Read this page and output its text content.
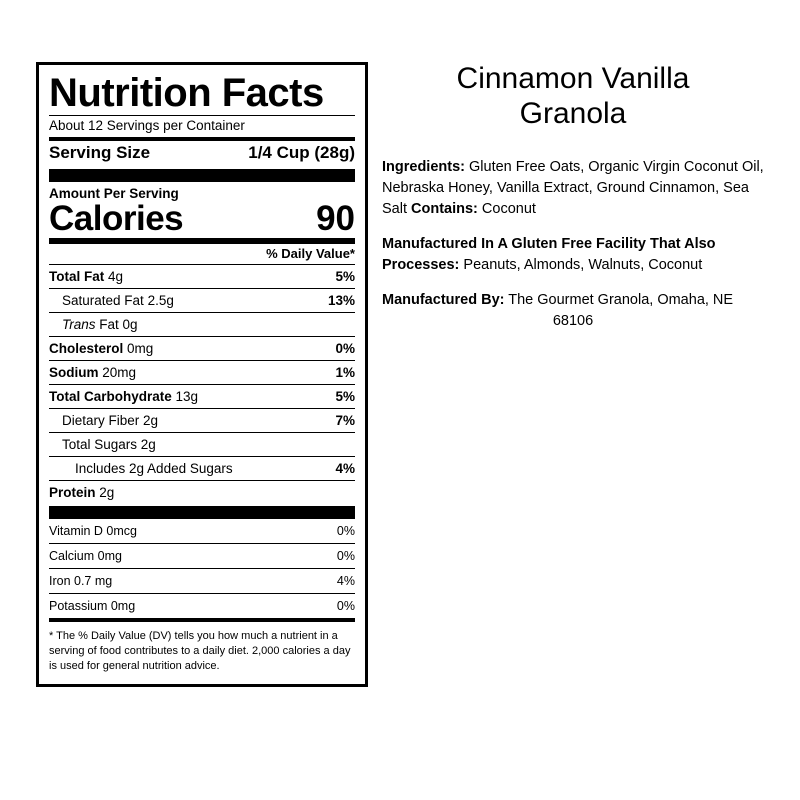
Nutrition Facts
About 12 Servings per Container
Serving Size	1/4 Cup (28g)
Amount Per Serving
Calories	90
% Daily Value*
Total Fat 4g	5%
Saturated Fat 2.5g	13%
Trans Fat 0g
Cholesterol 0mg	0%
Sodium 20mg	1%
Total Carbohydrate 13g	5%
Dietary Fiber 2g	7%
Total Sugars 2g
Includes 2g Added Sugars	4%
Protein 2g
Vitamin D 0mcg	0%
Calcium 0mg	0%
Iron 0.7 mg	4%
Potassium 0mg	0%
* The % Daily Value (DV) tells you how much a nutrient in a serving of food contributes to a daily diet. 2,000 calories a day is used for general nutrition advice.
Cinnamon Vanilla
Granola

Ingredients: Gluten Free Oats, Organic Virgin Coconut Oil, Nebraska Honey, Vanilla Extract, Ground Cinnamon, Sea Salt Contains: Coconut

Manufactured In A Gluten Free Facility That Also Processes: Peanuts, Almonds, Walnuts, Coconut

Manufactured By: The Gourmet Granola, Omaha, NE
68106
